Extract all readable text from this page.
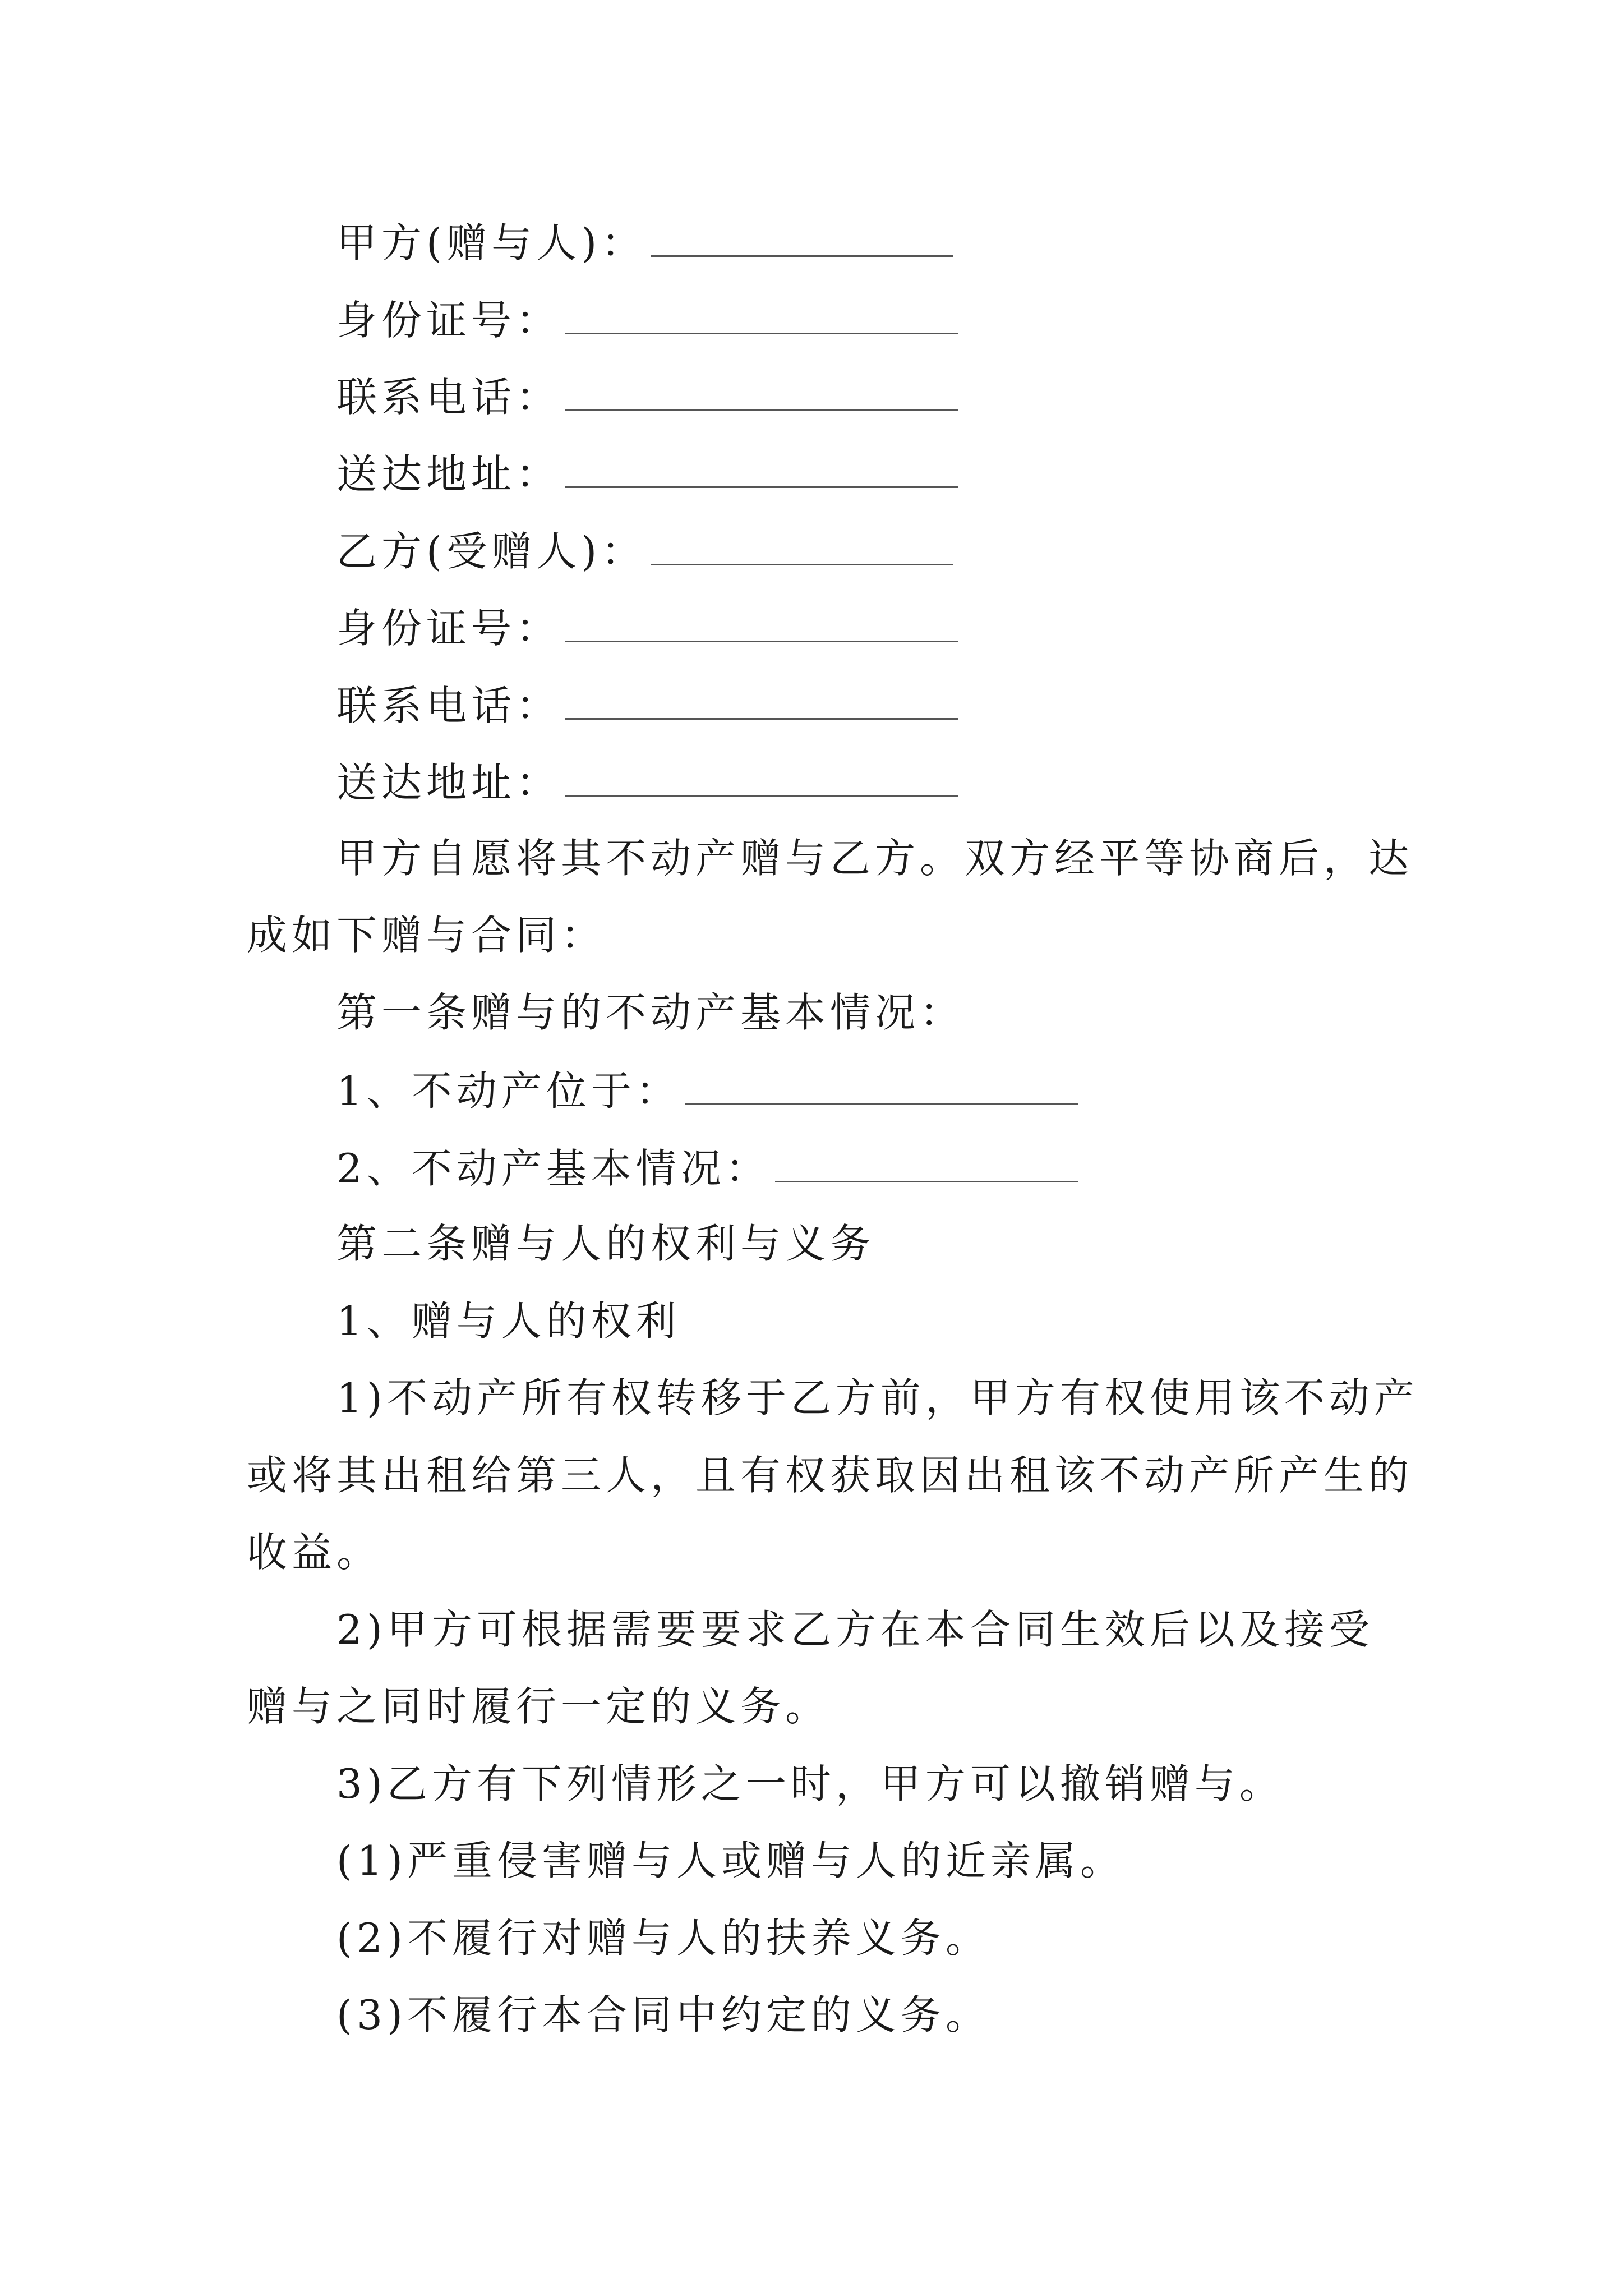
甲方(赠与人)：
身份证号：
联系电话：
送达地址：
乙方(受赠人)：
身份证号：
联系电话：
送达地址：
甲方自愿将其不动产赠与乙方。双方经平等协商后，达
成如下赠与合同：
第一条赠与的不动产基本情况：
1、不动产位于：
2、不动产基本情况：
第二条赠与人的权利与义务
1、赠与人的权利
1)不动产所有权转移于乙方前，甲方有权使用该不动产
或将其出租给第三人，且有权获取因出租该不动产所产生的
收益。
2)甲方可根据需要要求乙方在本合同生效后以及接受
赠与之同时履行一定的义务。
3)乙方有下列情形之一时，甲方可以撤销赠与。
(1)严重侵害赠与人或赠与人的近亲属。
(2)不履行对赠与人的扶养义务。
(3)不履行本合同中约定的义务。
